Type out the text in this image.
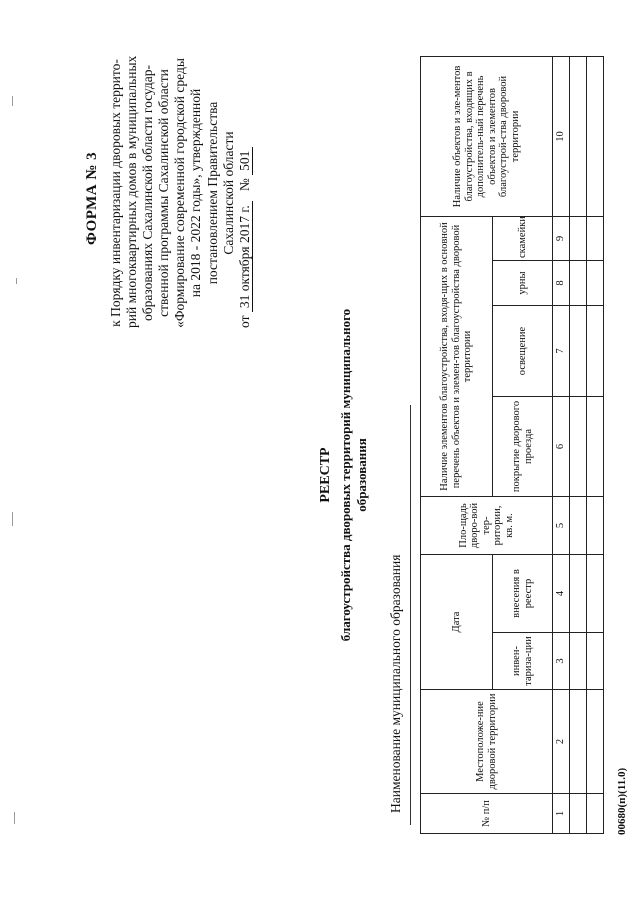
ФОРМА № 3 к Порядку инвентаризации дворовых террито- рий многоквартирных домов в муниципальных образованиях Сахалинской области государ- ственной программы Сахалинской области «Формирование современной городской среды на 2018 - 2022 годы», утвержденной постановлением Правительства Сахалинской области
от 31 октября 2017 г.   № 501
РЕЕСТР благоустройства дворовых территорий муниципального образования
Наименование муниципального образования
№ п/п	Местоположе-ние дворовой территории	Дата		Пло-щадь дворо-вой тер-ритории, кв. м.	Наличие элементов благоустройства, входя-щих в основной перечень объектов и элемен-тов благоустройства дворовой территории				Наличие объектов и эле-ментов благоустройства, входящих в дополнитель-ный перечень объектов и элементов благоустрой-ства дворовой территории
		инвен-тариза-ции	внесения в реестр		покрытие дворового проезда	освещение	урны	скамейки	
1	2	3	4	5	6	7	8	9	10

00680(п)(11.0)
